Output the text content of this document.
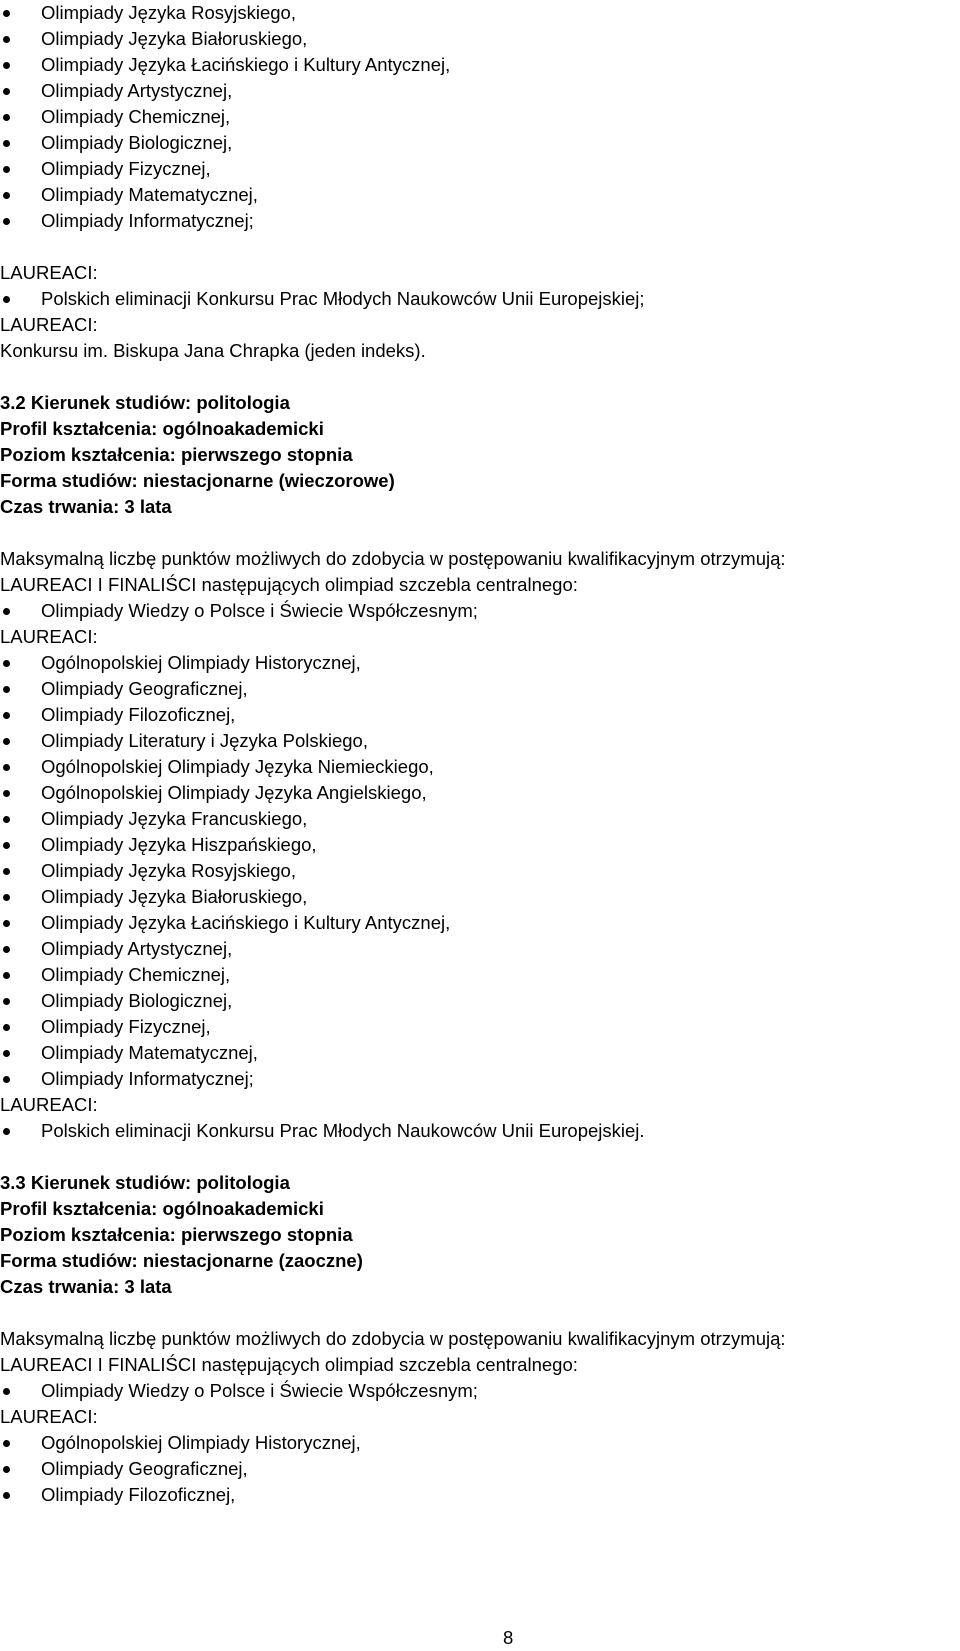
Olimpiady Języka Rosyjskiego,
Olimpiady Języka Białoruskiego,
Olimpiady Języka Łacińskiego i Kultury Antycznej,
Olimpiady Artystycznej,
Olimpiady Chemicznej,
Olimpiady Biologicznej,
Olimpiady Fizycznej,
Olimpiady Matematycznej,
Olimpiady Informatycznej;
LAUREACI:
Polskich eliminacji Konkursu Prac Młodych Naukowców Unii Europejskiej;
LAUREACI:
Konkursu im. Biskupa Jana Chrapka (jeden indeks).
3.2 Kierunek studiów: politologia
Profil kształcenia: ogólnoakademicki
Poziom kształcenia: pierwszego stopnia
Forma studiów: niestacjonarne (wieczorowe)
Czas trwania: 3 lata
Maksymalną liczbę punktów możliwych do zdobycia w postępowaniu kwalifikacyjnym otrzymują:
LAUREACI I FINALIŚCI następujących olimpiad szczebla centralnego:
Olimpiady Wiedzy o Polsce i Świecie Współczesnym;
LAUREACI:
Ogólnopolskiej Olimpiady Historycznej,
Olimpiady Geograficznej,
Olimpiady Filozoficznej,
Olimpiady Literatury i Języka Polskiego,
Ogólnopolskiej Olimpiady Języka Niemieckiego,
Ogólnopolskiej Olimpiady Języka Angielskiego,
Olimpiady Języka Francuskiego,
Olimpiady Języka Hiszpańskiego,
Olimpiady Języka Rosyjskiego,
Olimpiady Języka Białoruskiego,
Olimpiady Języka Łacińskiego i Kultury Antycznej,
Olimpiady Artystycznej,
Olimpiady Chemicznej,
Olimpiady Biologicznej,
Olimpiady Fizycznej,
Olimpiady Matematycznej,
Olimpiady Informatycznej;
LAUREACI:
Polskich eliminacji Konkursu Prac Młodych Naukowców Unii Europejskiej.
3.3 Kierunek studiów: politologia
Profil kształcenia: ogólnoakademicki
Poziom kształcenia: pierwszego stopnia
Forma studiów: niestacjonarne (zaoczne)
Czas trwania: 3 lata
Maksymalną liczbę punktów możliwych do zdobycia w postępowaniu kwalifikacyjnym otrzymują:
LAUREACI I FINALIŚCI następujących olimpiad szczebla centralnego:
Olimpiady Wiedzy o Polsce i Świecie Współczesnym;
LAUREACI:
Ogólnopolskiej Olimpiady Historycznej,
Olimpiady Geograficznej,
Olimpiady Filozoficznej,
8
